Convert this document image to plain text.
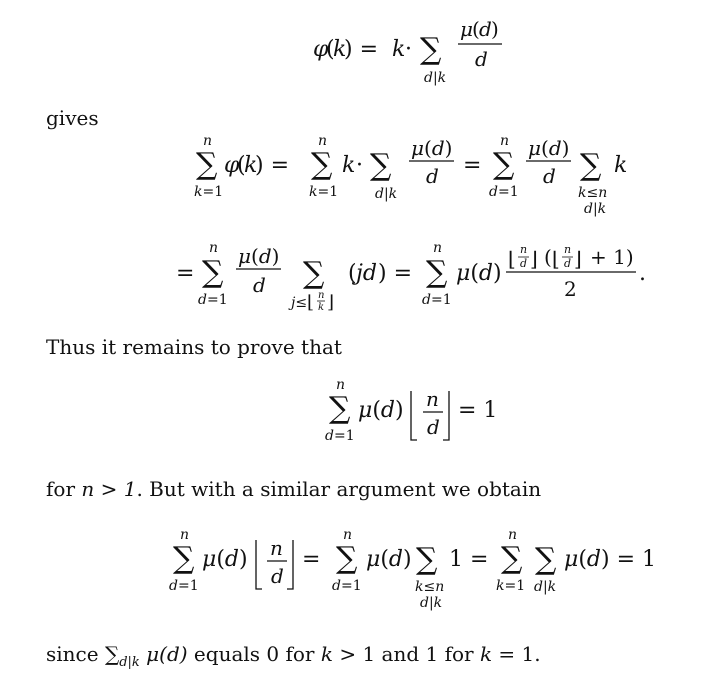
φ
(
k
) = k · ∑
d|k
μ ( d )
d
gives
n
∑
k=1
φ
(
k
) =
n
∑
k=1
k · ∑
d|k
μ(d)
d =
n
∑
d=1
μ(d)
d ∑
k≤n
d|k
k
=
n
∑
d=1
μ(d)
d ∑
j≤ ⌊ n
k ⌋
( jd ) =
n
∑
d=1
μ(d)
⌊ n
d ⌋ ( ⌊ n
d ⌋ + 1)
2
.
Thus it remains to prove that
n
∑
d=1
μ(d) n
d
= 1
for n > 1. But with a similar argument we obtain
n
∑
d=1
μ(d) n
d
=
n
∑
d=1
μ(d) ∑
k≤n
d|k
1 =
n
∑
k=1
∑
d|k
μ(d) = 1
since $\sum_{d|k}$ μ(d) equals 0 for k > 1 and 1 for k = 1.
